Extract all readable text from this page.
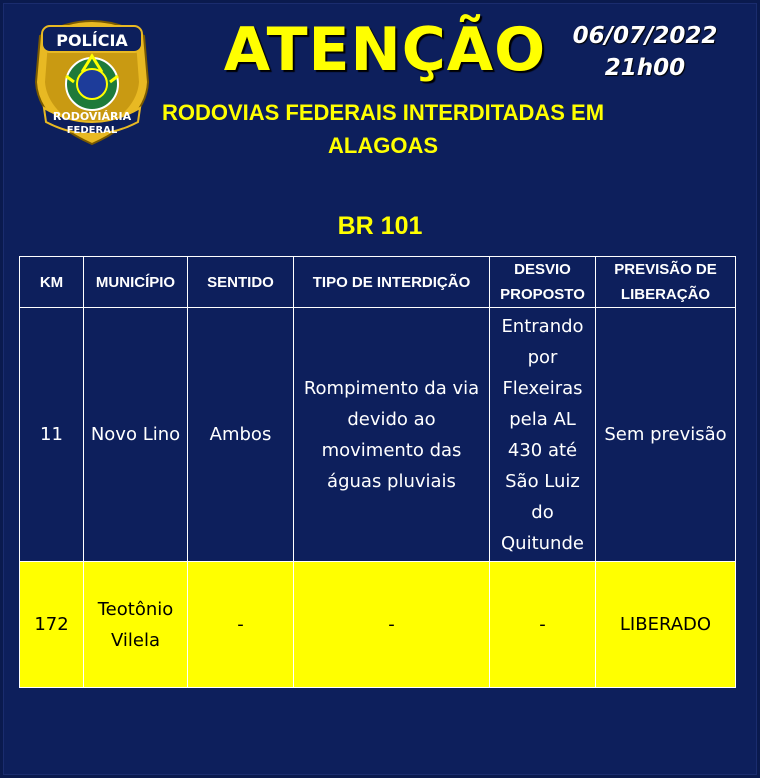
POLÍCIA
RODOVIÁRIA
FEDERAL
ATENÇÃO	06/07/2022
21h00
RODOVIAS FEDERAIS INTERDITADAS EM
ALAGOAS
BR 101
KM	MUNICÍPIO	SENTIDO	TIPO DE INTERDIÇÃO	DESVIO PROPOSTO	PREVISÃO DE LIBERAÇÃO
11	Novo Lino	Ambos	Rompimento da via devido ao movimento das águas pluviais	Entrando por Flexeiras pela AL 430 até São Luiz do Quitunde	Sem previsão
172	Teotônio Vilela	-	-	-	LIBERADO
